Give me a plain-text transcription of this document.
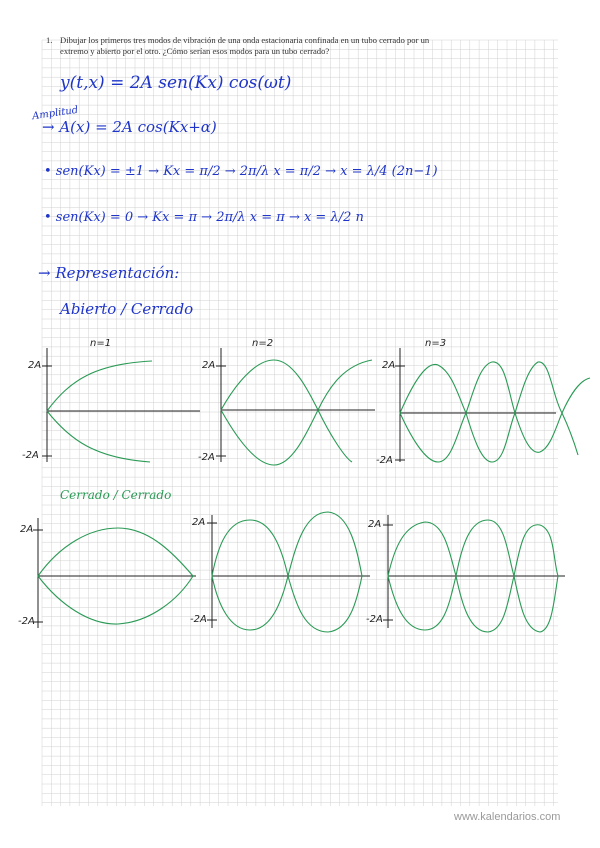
1. Dibujar los primeros tres modos de vibración de una onda estacionaria confinada en un tubo cerrado por un
extremo y abierto por el otro. ¿Cómo serían esos modos para un tubo cerrado?
y(t,x) = 2A sen(Kx) cos(ωt)
Amplitud
→ A(x) = 2A cos(Kx+α)
• sen(Kx) = ±1 → Kx = π/2 → 2π/λ x = π/2 → x = λ/4 (2n−1)
• sen(Kx) = 0 → Kx = π → 2π/λ x = π → x = λ/2 n
→ Representación:
Abierto / Cerrado
n=1	n=2	n=3
2A
-2A
2A
-2A
2A
-2A
Cerrado / Cerrado
2A
-2A
2A
-2A
2A
-2A
www.kalendarios.com
